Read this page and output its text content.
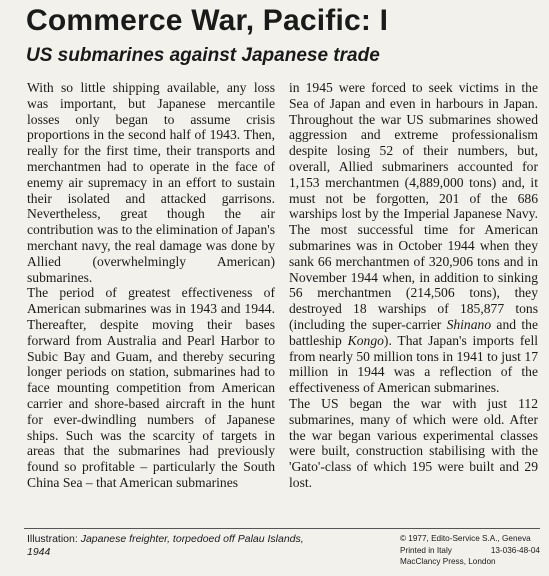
Commerce War, Pacific: I
US submarines against Japanese trade

With so little shipping available, any loss was important, but Japanese mercantile losses only began to assume crisis proportions in the second half of 1943. Then, really for the first time, their transports and merchantmen had to operate in the face of enemy air supremacy in an effort to sustain their isolated and attacked garrisons. Nevertheless, great though the air contribution was to the elimination of Japan's merchant navy, the real damage was done by Allied (overwhelmingly American) submarines.

The period of greatest effectiveness of American submarines was in 1943 and 1944. Thereafter, despite moving their bases forward from Australia and Pearl Harbor to Subic Bay and Guam, and thereby securing longer periods on station, submarines had to face mounting competition from American carrier and shore-based aircraft in the hunt for ever-dwindling numbers of Japanese ships. Such was the scarcity of targets in areas that the submarines had previously found so profitable – particularly the South China Sea – that American submarines

in 1945 were forced to seek victims in the Sea of Japan and even in harbours in Japan. Throughout the war US submarines showed aggression and extreme professionalism despite losing 52 of their numbers, but, overall, Allied submariners accounted for 1,153 merchantmen (4,889,000 tons) and, it must not be forgotten, 201 of the 686 warships lost by the Imperial Japanese Navy. The most successful time for American submarines was in October 1944 when they sank 66 merchantmen of 320,906 tons and in November 1944 when, in addition to sinking 56 merchantmen (214,506 tons), they destroyed 18 warships of 185,877 tons (including the super-carrier Shinano and the battleship Kongo). That Japan's imports fell from nearly 50 million tons in 1941 to just 17 million in 1944 was a reflection of the effectiveness of American submarines.

The US began the war with just 112 submarines, many of which were old. After the war began various experimental classes were built, construction stabilising with the 'Gato'-class of which 195 were built and 29 lost.

Illustration: Japanese freighter, torpedoed off Palau Islands, 1944
© 1977, Edito-Service S.A., Geneva
Printed in Italy	13-036-48-04
MacClancy Press, London
